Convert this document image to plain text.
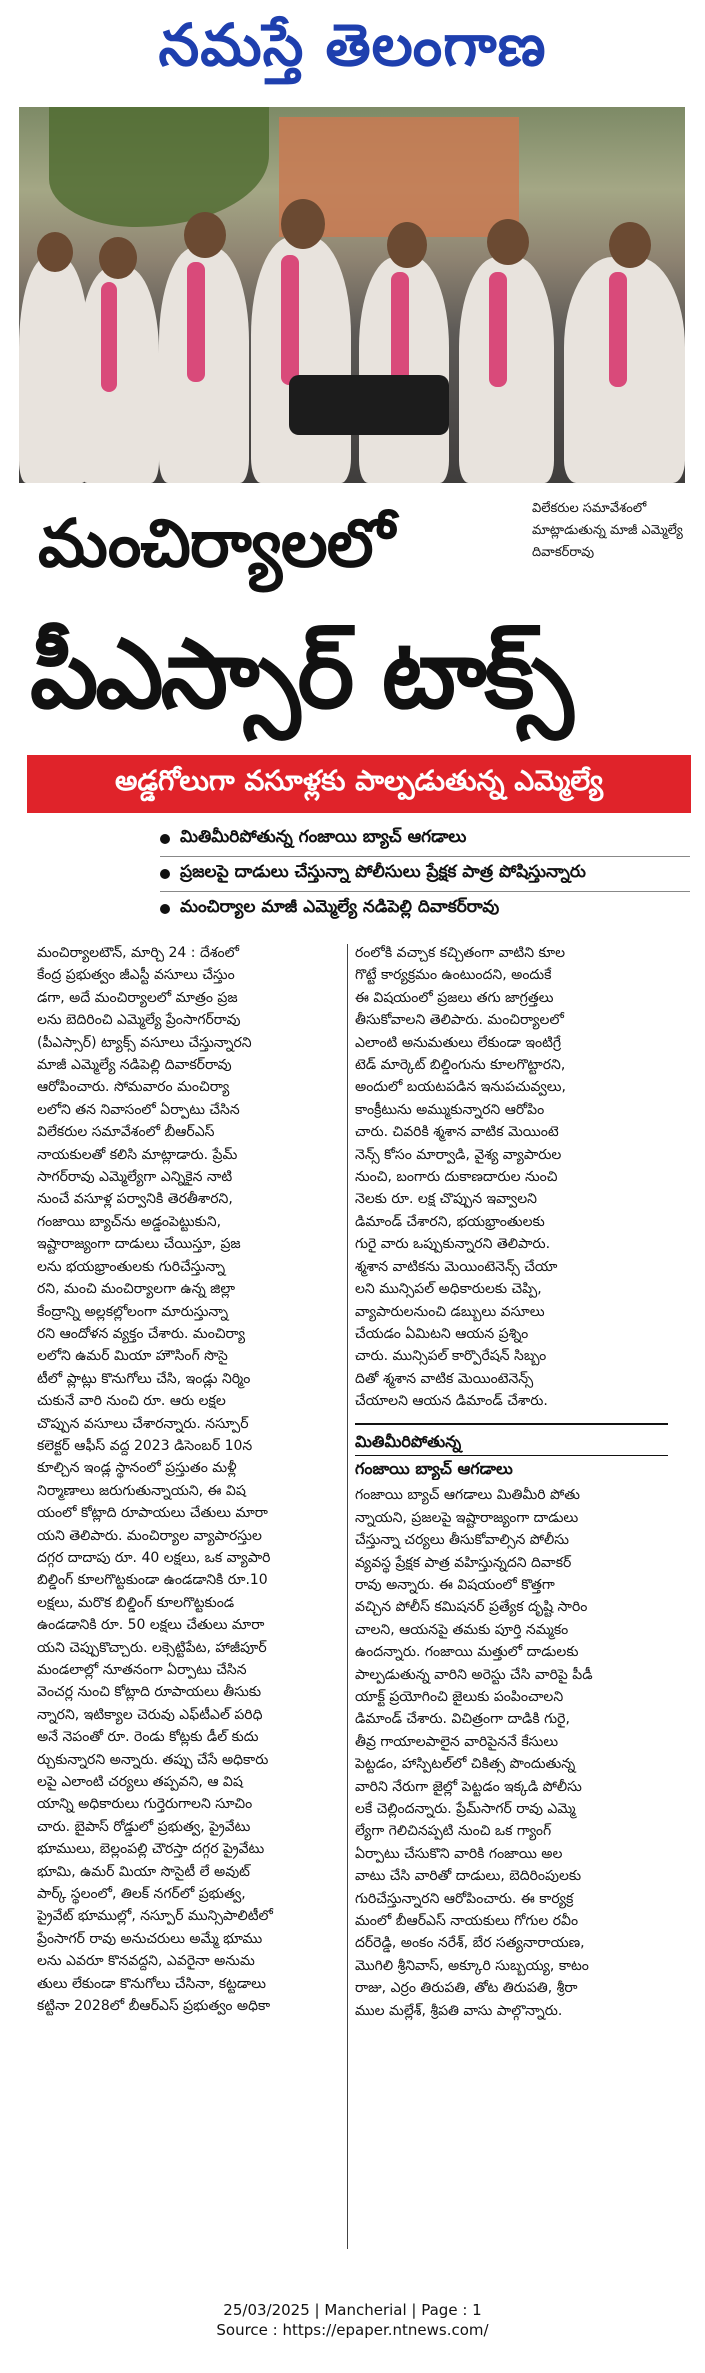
నమస్తే తెలంగాణ
మంచిర్యాలలో	విలేకరుల సమావేశంలో
మాట్లాడుతున్న మాజీ ఎమ్మెల్యే
దివాకర్‌రావు
పీఎస్సార్ టాక్స్
అడ్డగోలుగా వసూళ్లకు పాల్పడుతున్న ఎమ్మెల్యే
మితిమీరిపోతున్న గంజాయి బ్యాచ్ ఆగడాలు
ప్రజలపై దాడులు చేస్తున్నా పోలీసులు ప్రేక్షక పాత్ర పోషిస్తున్నారు
మంచిర్యాల మాజీ ఎమ్మెల్యే నడిపెల్లి దివాకర్‌రావు
మంచిర్యాలటౌన్, మార్చి 24 : దేశంలో
కేంద్ర ప్రభుత్వం జీఎస్టీ వసూలు చేస్తుం
డగా, అదే మంచిర్యాలలో మాత్రం ప్రజ
లను బెదిరించి ఎమ్మెల్యే ప్రేంసాగర్‌రావు
(పీఎస్సార్) ట్యాక్స్ వసూలు చేస్తున్నారని
మాజీ ఎమ్మెల్యే నడిపెల్లి దివాకర్‌రావు
ఆరోపించారు. సోమవారం మంచిర్యా
లలోని తన నివాసంలో ఏర్పాటు చేసిన
విలేకరుల సమావేశంలో బీఆర్‌ఎస్
నాయకులతో కలిసి మాట్లాడారు. ప్రేమ్
సాగర్‌రావు ఎమ్మెల్యేగా ఎన్నికైన నాటి
నుంచే వసూళ్ల పర్వానికి తెరతీశారని,
గంజాయి బ్యాచ్‌ను అడ్డంపెట్టుకుని,
ఇష్టారాజ్యంగా దాడులు చేయిస్తూ, ప్రజ
లను భయభ్రాంతులకు గురిచేస్తున్నా
రని, మంచి మంచిర్యాలగా ఉన్న జిల్లా
కేంద్రాన్ని అల్లకల్లోలంగా మారుస్తున్నా
రని ఆందోళన వ్యక్తం చేశారు. మంచిర్యా
లలోని ఉమర్ మియా హౌసింగ్ సొసై
టీలో ప్లాట్లు కొనుగోలు చేసి, ఇండ్లు నిర్మిం
చుకునే వారి నుంచి రూ. ఆరు లక్షల
చొప్పున వసూలు చేశారన్నారు. నస్పూర్
కలెక్టర్ ఆఫీస్ వద్ద 2023 డిసెంబర్ 10న
కూల్చిన ఇండ్ల స్థానంలో ప్రస్తుతం మళ్లీ
నిర్మాణాలు జరుగుతున్నాయని, ఈ విష
యంలో కోట్లాది రూపాయలు చేతులు మారా
యని తెలిపారు. మంచిర్యాల వ్యాపారస్తుల
దగ్గర దాదాపు రూ. 40 లక్షలు, ఒక వ్యాపారి
బిల్డింగ్ కూలగొట్టకుండా ఉండడానికి రూ.10
లక్షలు, మరొక బిల్డింగ్ కూలగొట్టకుండ
ఉండడానికి రూ. 50 లక్షలు చేతులు మారా
యని చెప్పుకొచ్చారు. లక్సెట్టిపేట, హాజీపూర్
మండలాల్లో నూతనంగా ఏర్పాటు చేసిన
వెంచర్ల నుంచి కోట్లాది రూపాయలు తీసుకు
న్నారని, ఇటిక్యాల చెరువు ఎఫ్‌టీఎల్ పరిధి
అనే నెపంతో రూ. రెండు కోట్లకు డీల్ కుదు
ర్చుకున్నారని అన్నారు. తప్పు చేసే అధికారు
లపై ఎలాంటి చర్యలు తప్పవని, ఆ విష
యాన్ని అధికారులు గుర్తెరుగాలని సూచిం
చారు. బైపాస్ రోడ్డులో ప్రభుత్వ, ప్రైవేటు
భూములు, బెల్లంపల్లి చౌరస్తా దగ్గర ప్రైవేటు
భూమి, ఉమర్ మియా సొసైటీ లే అవుట్
పార్క్ స్థలంలో, తిలక్ నగర్‌లో ప్రభుత్వ,
ప్రైవేట్ భూముల్లో, నస్పూర్ మున్సిపాలిటీలో
ప్రేంసాగర్ రావు అనుచరులు అమ్మే భూము
లను ఎవరూ కొనవద్దని, ఎవరైనా అనుమ
తులు లేకుండా కొనుగోలు చేసినా, కట్టడాలు
కట్టినా 2028లో బీఆర్‌ఎస్ ప్రభుత్వం అధికా
రంలోకి వచ్చాక కచ్చితంగా వాటిని కూల
గొట్టే కార్యక్రమం ఉంటుందని, అందుకే
ఈ విషయంలో ప్రజలు తగు జాగ్రత్తలు
తీసుకోవాలని తెలిపారు. మంచిర్యాలలో
ఎలాంటి అనుమతులు లేకుండా ఇంటిగ్రే
టెడ్ మార్కెట్ బిల్డింగును కూలగొట్టారని,
అందులో బయటపడిన ఇనుపచువ్వలు,
కాంక్రీటును అమ్ముకున్నారని ఆరోపిం
చారు. చివరికి శ్మశాన వాటిక మెయింటె
నెన్స్ కోసం మార్వాడి, వైశ్య వ్యాపారుల
నుంచి, బంగారు దుకాణదారుల నుంచి
నెలకు రూ. లక్ష చొప్పున ఇవ్వాలని
డిమాండ్ చేశారని, భయభ్రాంతులకు
గురై వారు ఒప్పుకున్నారని తెలిపారు.
శ్మశాన వాటికను మెయింటెనెన్స్ చేయా
లని మున్సిపల్ అధికారులకు చెప్పి,
వ్యాపారులనుంచి డబ్బులు వసూలు
చేయడం ఏమిటని ఆయన ప్రశ్నిం
చారు. మున్సిపల్ కార్పొరేషన్ సిబ్బం
దితో శ్మశాన వాటిక మెయింటెనెన్స్
చేయాలని ఆయన డిమాండ్ చేశారు.
మితిమీరిపోతున్న
గంజాయి బ్యాచ్ ఆగడాలు
గంజాయి బ్యాచ్ ఆగడాలు మితిమీరి పోతు
న్నాయని, ప్రజలపై ఇష్టారాజ్యంగా దాడులు
చేస్తున్నా చర్యలు తీసుకోవాల్సిన పోలీసు
వ్యవస్థ ప్రేక్షక పాత్ర వహిస్తున్నదని దివాకర్
రావు అన్నారు. ఈ విషయంలో కొత్తగా
వచ్చిన పోలీస్ కమిషనర్ ప్రత్యేక దృష్టి సారిం
చాలని, ఆయనపై తమకు పూర్తి నమ్మకం
ఉందన్నారు. గంజాయి మత్తులో దాడులకు
పాల్పడుతున్న వారిని అరెస్టు చేసి వారిపై పీడీ
యాక్ట్ ప్రయోగించి జైలుకు పంపించాలని
డిమాండ్ చేశారు. విచిత్రంగా దాడికి గురై,
తీవ్ర గాయాలపాలైన వారిపైననే కేసులు
పెట్టడం, హాస్పిటల్‌లో చికిత్స పొందుతున్న
వారిని నేరుగా జైల్లో పెట్టడం ఇక్కడి పోలీసు
లకే చెల్లిందన్నారు. ప్రేమ్‌సాగర్ రావు ఎమ్మె
ల్యేగా గెలిచినప్పటి నుంచి ఒక గ్యాంగ్
ఏర్పాటు చేసుకొని వారికి గంజాయి అల
వాటు చేసి వారితో దాడులు, బెదిరింపులకు
గురిచేస్తున్నారని ఆరోపించారు. ఈ కార్యక్ర
మంలో బీఆర్‌ఎస్ నాయకులు గోగుల రవీం
దర్‌రెడ్డి, అంకం నరేశ్, బేర సత్యనారాయణ,
మొగిలి శ్రీనివాస్, అక్కూరి సుబ్బయ్య, కాటం
రాజు, ఎర్రం తిరుపతి, తోట తిరుపతి, శ్రీరా
ముల మల్లేశ్, శ్రీపతి వాసు పాల్గొన్నారు.
25/03/2025 | Mancherial | Page : 1
Source : https://epaper.ntnews.com/
